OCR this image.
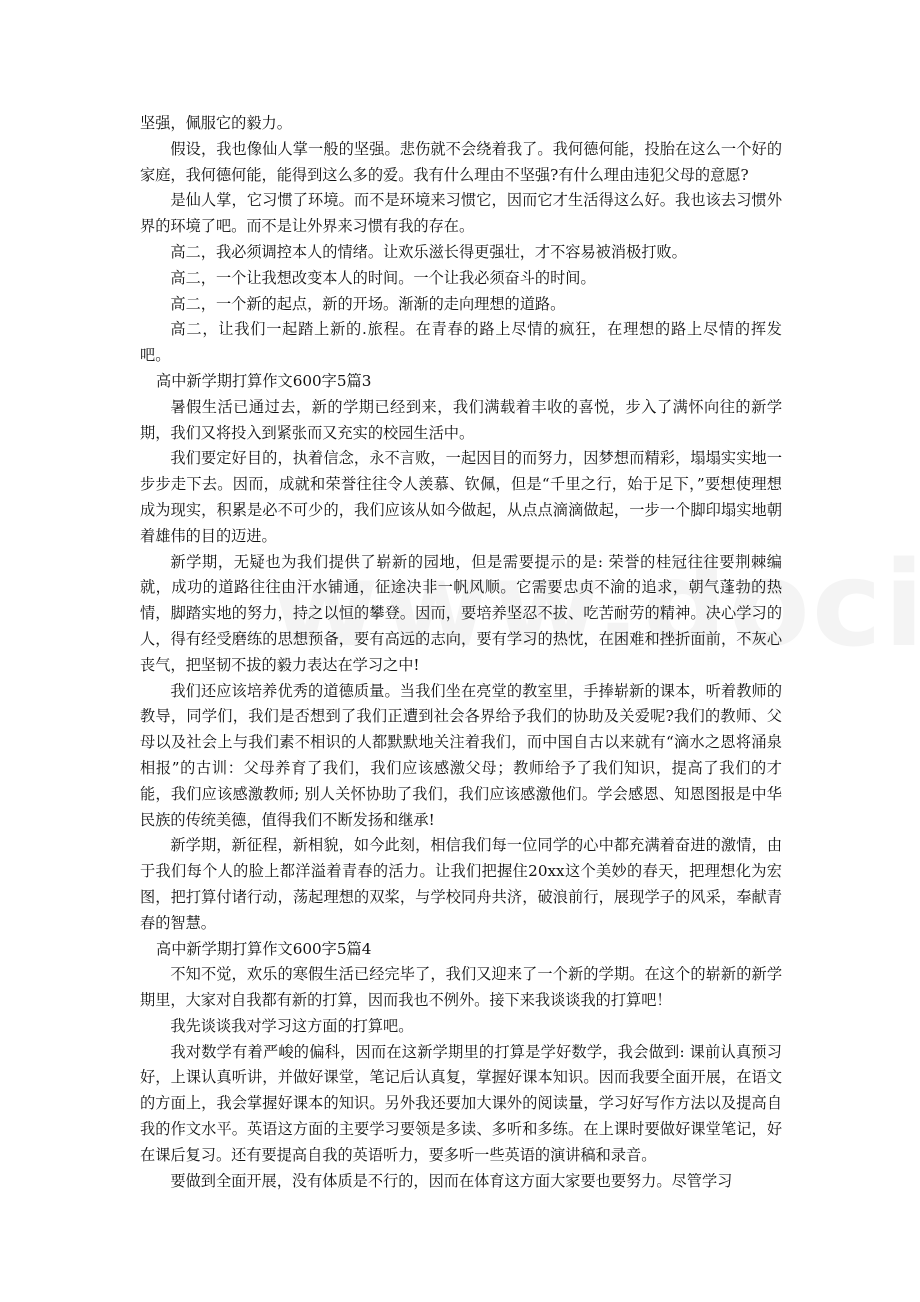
坚强，佩服它的毅力。

假设，我也像仙人掌一般的坚强。悲伤就不会绕着我了。我何德何能，投胎在这么一个好的家庭，我何德何能，能得到这么多的爱。我有什么理由不坚强?有什么理由违犯父母的意愿?

是仙人掌，它习惯了环境。而不是环境来习惯它，因而它才生活得这么好。我也该去习惯外界的环境了吧。而不是让外界来习惯有我的存在。

高二，我必须调控本人的情绪。让欢乐滋长得更强壮，才不容易被消极打败。

高二，一个让我想改变本人的时间。一个让我必须奋斗的时间。

高二，一个新的起点，新的开场。渐渐的走向理想的道路。

高二，让我们一起踏上新的.旅程。在青春的路上尽情的疯狂，在理想的路上尽情的挥发吧。

高中新学期打算作文600字5篇3

暑假生活已通过去，新的学期已经到来，我们满载着丰收的喜悦，步入了满怀向往的新学期，我们又将投入到紧张而又充实的校园生活中。

我们要定好目的，执着信念，永不言败，一起因目的而努力，因梦想而精彩，塌塌实实地一步步走下去。因而，成就和荣誉往往令人羡慕、钦佩，但是“千里之行，始于足下，”要想使理想成为现实，积累是必不可少的，我们应该从如今做起，从点点滴滴做起，一步一个脚印塌实地朝着雄伟的目的迈进。

新学期，无疑也为我们提供了崭新的园地，但是需要提示的是: 荣誉的桂冠往往要荆棘编就，成功的道路往往由汗水铺通，征途决非一帆风顺。它需要忠贞不渝的追求，朝气蓬勃的热情，脚踏实地的努力，持之以恒的攀登。因而，要培养坚忍不拔、吃苦耐劳的精神。决心学习的人，得有经受磨练的思想预备，要有高远的志向，要有学习的热忱，在困难和挫折面前，不灰心丧气，把坚韧不拔的毅力表达在学习之中!

我们还应该培养优秀的道德质量。当我们坐在亮堂的教室里，手捧崭新的课本，听着教师的教导，同学们，我们是否想到了我们正遭到社会各界给予我们的协助及关爱呢?我们的教师、父母以及社会上与我们素不相识的人都默默地关注着我们，而中国自古以来就有“滴水之恩将涌泉相报”的古训：父母养育了我们，我们应该感激父母；教师给予了我们知识，提高了我们的才能，我们应该感激教师; 别人关怀协助了我们，我们应该感激他们。学会感恩、知恩图报是中华民族的传统美德，值得我们不断发扬和继承!

新学期，新征程，新相貌，如今此刻，相信我们每一位同学的心中都充满着奋进的激情，由于我们每个人的脸上都洋溢着青春的活力。让我们把握住20xx这个美妙的春天，把理想化为宏图，把打算付诸行动，荡起理想的双桨，与学校同舟共济，破浪前行，展现学子的风采，奉献青春的智慧。

高中新学期打算作文600字5篇4

不知不觉，欢乐的寒假生活已经完毕了，我们又迎来了一个新的学期。在这个的崭新的新学期里，大家对自我都有新的打算，因而我也不例外。接下来我谈谈我的打算吧！

我先谈谈我对学习这方面的打算吧。

我对数学有着严峻的偏科，因而在这新学期里的打算是学好数学，我会做到: 课前认真预习好，上课认真听讲，并做好课堂，笔记后认真复，掌握好课本知识。因而我要全面开展，在语文的方面上，我会掌握好课本的知识。另外我还要加大课外的阅读量，学习好写作方法以及提高自我的作文水平。英语这方面的主要学习要领是多读、多听和多练。在上课时要做好课堂笔记，好在课后复习。还有要提高自我的英语听力，要多听一些英语的演讲稿和录音。

要做到全面开展，没有体质是不行的，因而在体育这方面大家要也要努力。尽管学习
